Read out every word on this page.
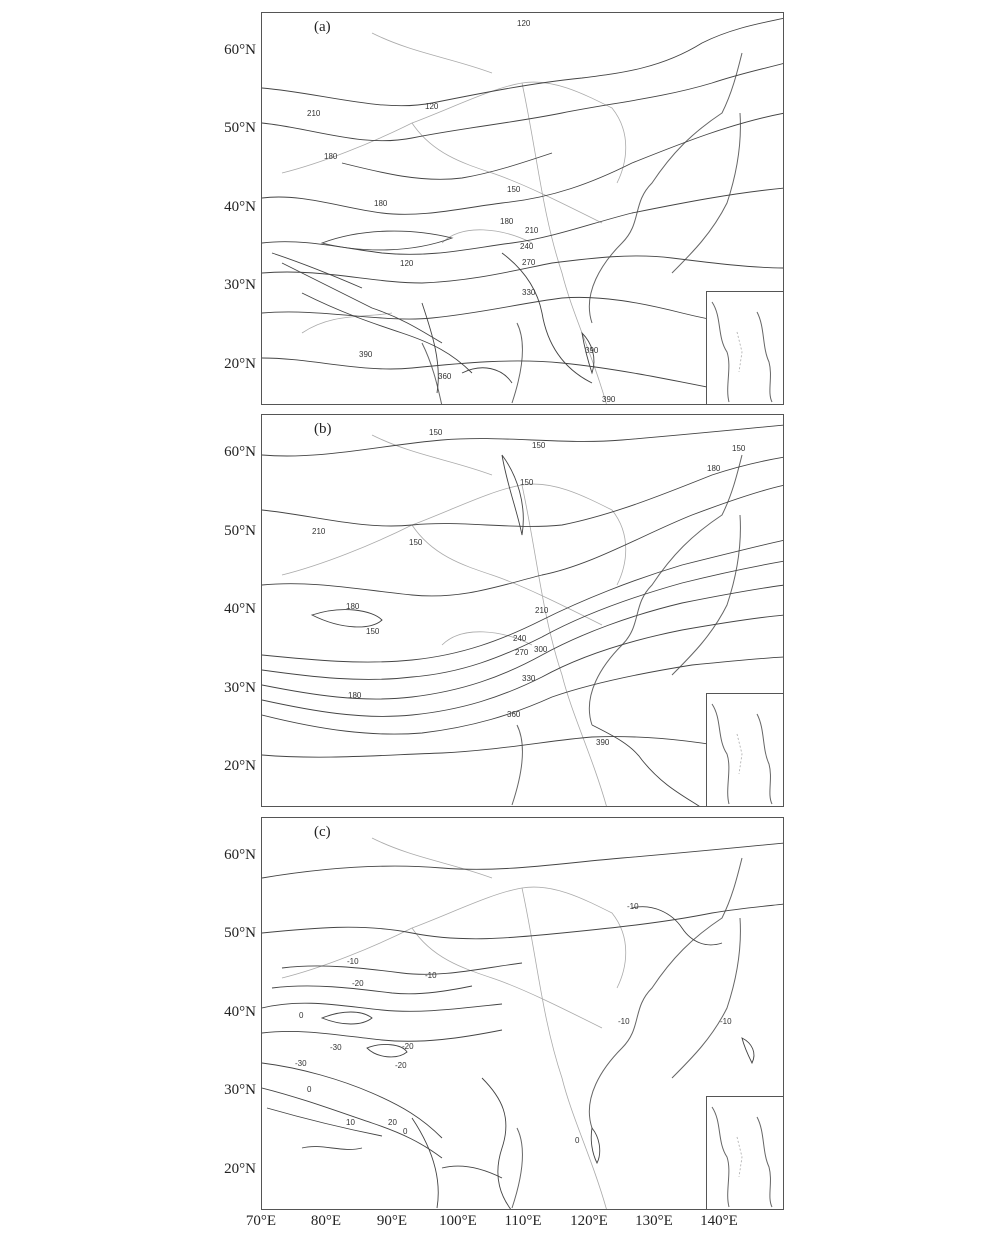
60°N
50°N
40°N
30°N
20°N
120
210
120
180
150
180
180
210
240
270
120
330
390	390
360
390
(a)
60°N
50°N
40°N
30°N
20°N
150
150	150
180
150
210
150
180
150
210
240
270 300
330
180
360
390
(b)
60°N
50°N
40°N
30°N
20°N
-10
-10
-10
-20
-10	-10
0
-30	-20
-20
-30
0
20
10
0
0
(c)
70°E	80°E	90°E	100°E	110°E	120°E	130°E	140°E
